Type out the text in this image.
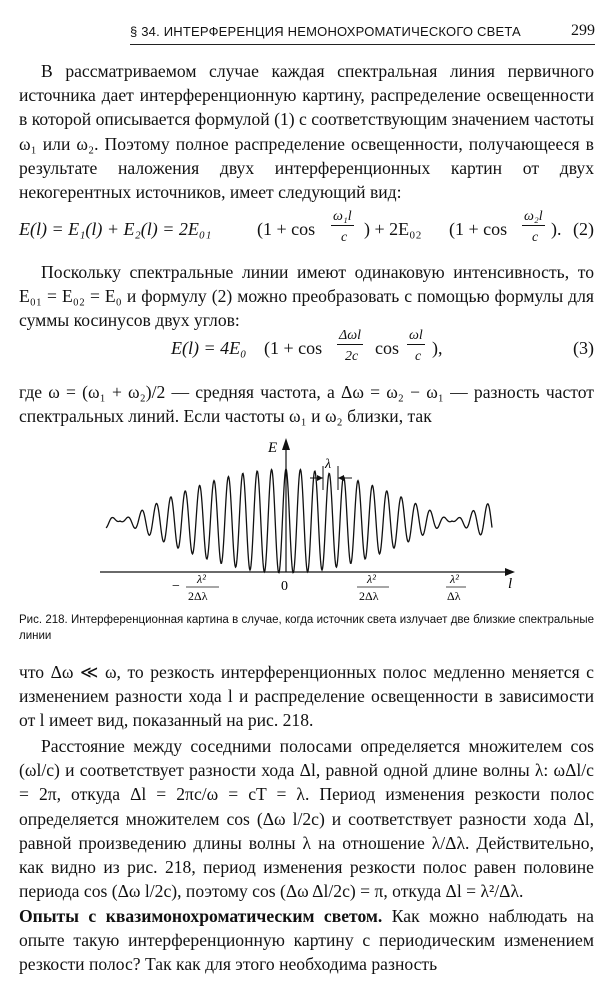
§ 34. ИНТЕРФЕРЕНЦИЯ НЕМОНОХРОМАТИЧЕСКОГО СВЕТА	299

В рассматриваемом случае каждая спектральная линия первичного источника дает интерференционную картину, распределение освещенности в которой описывается формулой (1) с соответствующим значением частоты ω₁ или ω₂. Поэтому полное распределение освещенности, получающееся в результате наложения двух интерференционных картин от двух некогерентных источников, имеет следующий вид:

E(l) = E₁(l) + E₂(l) = 2E₀₁	(1 + cos
ω₁l
c ) + 2E₀₂ (1 + cos
ω₂l
c ). (2)

Поскольку спектральные линии имеют одинаковую интенсивность, то E₀₁ = E₀₂ = E₀ и формулу (2) можно преобразовать с помощью формулы для суммы косинусов двух углов:

E(l) = 4E₀ (1 + cos
Δωl
2c cos
ωl
c ),	(3)

где ω = (ω₁ + ω₂)/2 — средняя частота, а Δω = ω₂ − ω₁ — разность частот спектральных линий. Если частоты ω₁ и ω₂ близки, так

E
l
λ
0
− λ²
2Δλ
λ²
2Δλ
λ²
Δλ
Рис. 218. Интерференционная картина в случае, когда источник света излучает две близкие спектральные линии

что Δω ≪ ω, то резкость интерференционных полос медленно меняется с изменением разности хода l и распределение освещенности в зависимости от l имеет вид, показанный на рис. 218.

Расстояние между соседними полосами определяется множителем cos (ωl/c) и соответствует разности хода Δl, равной одной длине волны λ: ωΔl/c = 2π, откуда Δl = 2πc/ω = cT = λ. Период изменения резкости полос определяется множителем cos (Δω l/2c) и соответствует разности хода Δl, равной произведению длины волны λ на отношение λ/Δλ. Действительно, как видно из рис. 218, период изменения резкости полос равен половине периода cos (Δω l/2c), поэтому cos (Δω Δl/2c) = π, откуда Δl = λ²/Δλ.

Опыты с квазимонохроматическим светом. Как можно наблюдать на опыте такую интерференционную картину с периодическим изменением резкости полос? Так как для этого необходима разность
